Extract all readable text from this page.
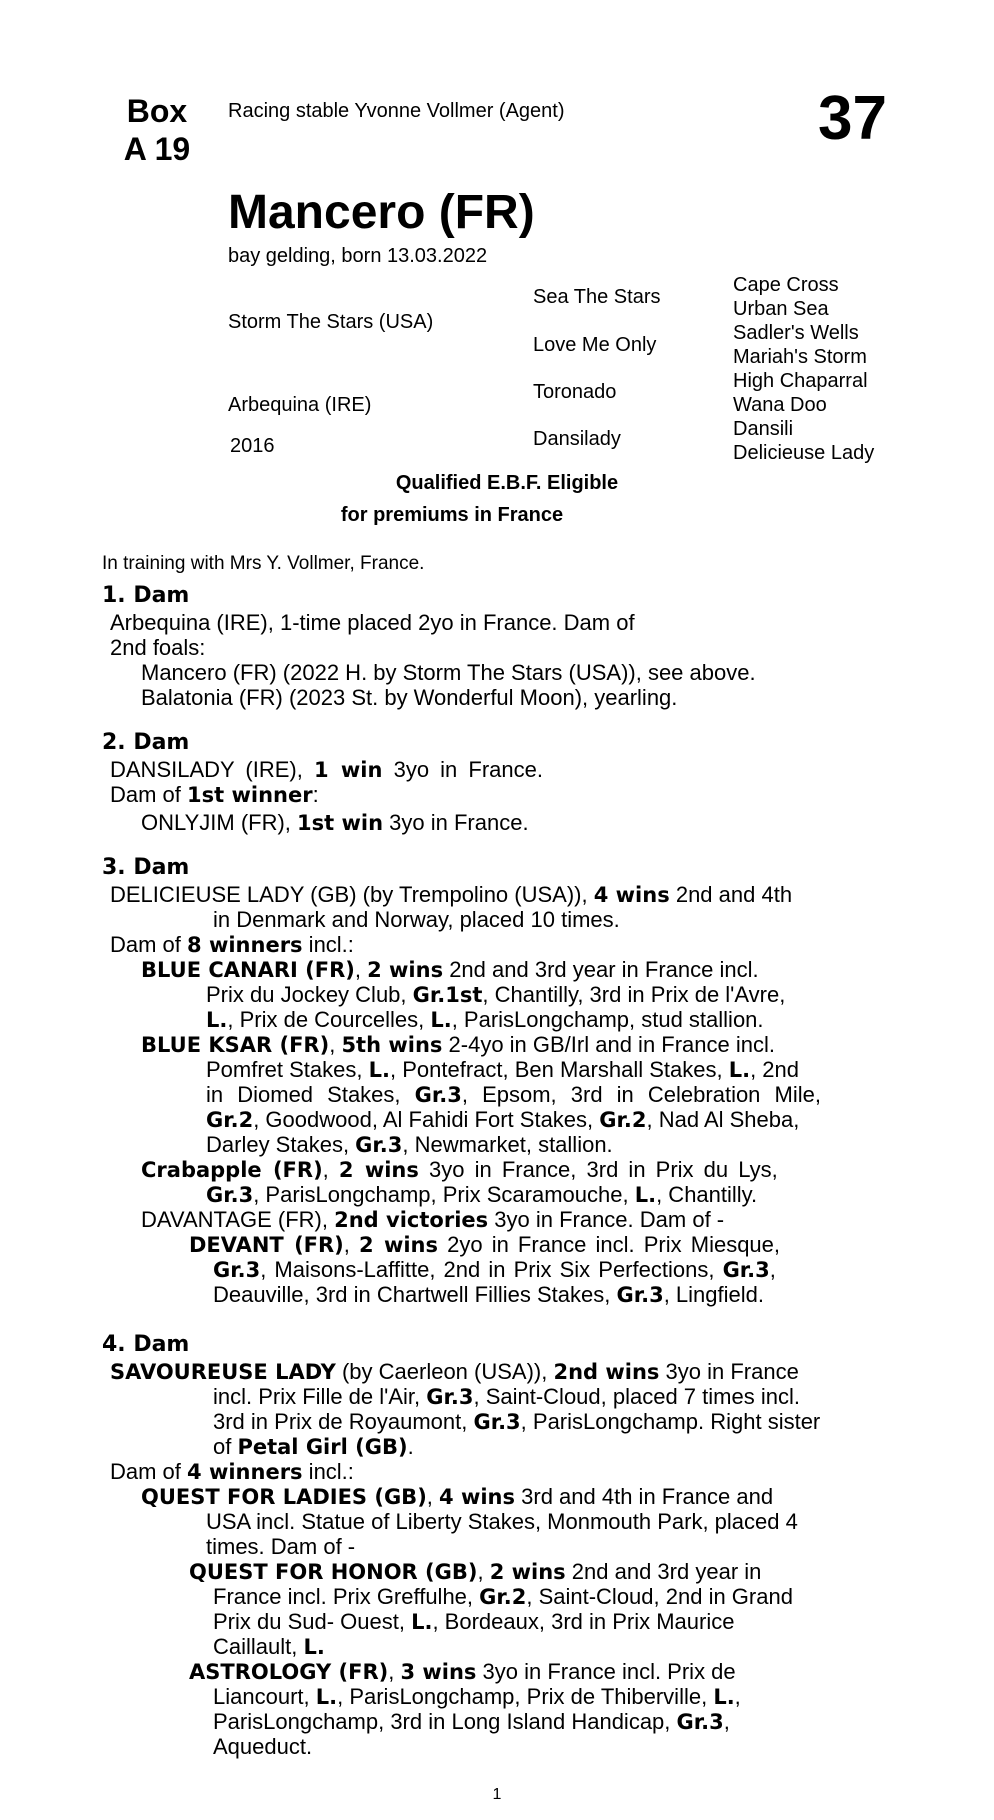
Box
A 19
Racing stable Yvonne Vollmer (Agent)	37
Mancero (FR)
bay gelding, born 13.03.2022
Storm The Stars (USA)
Arbequina (IRE)
2016
Sea The Stars
Love Me Only
Toronado
Dansilady
Cape Cross
Urban Sea
Sadler's Wells
Mariah's Storm
High Chaparral
Wana Doo
Dansili
Delicieuse Lady
Qualified E.B.F. Eligible
for premiums in France
In training with Mrs Y. Vollmer, France.
1. Dam
Arbequina (IRE), 1-time placed 2yo in France. Dam of
2nd foals:
Mancero (FR) (2022 H. by Storm The Stars (USA)), see above.
Balatonia (FR) (2023 St. by Wonderful Moon), yearling.
2. Dam
DANSILADY (IRE), 1 win 3yo in France.
Dam of 1st winner:
ONLYJIM (FR), 1st win 3yo in France.
3. Dam
DELICIEUSE LADY (GB) (by Trempolino (USA)), 4 wins 2nd and 4th
in Denmark and Norway, placed 10 times.
Dam of 8 winners incl.:
BLUE CANARI (FR), 2 wins 2nd and 3rd year in France incl.
Prix du Jockey Club, Gr.1st, Chantilly, 3rd in Prix de l'Avre,
L., Prix de Courcelles, L., ParisLongchamp, stud stallion.
BLUE KSAR (FR), 5th wins 2-4yo in GB/Irl and in France incl.
Pomfret Stakes, L., Pontefract, Ben Marshall Stakes, L., 2nd
in Diomed Stakes, Gr.3, Epsom, 3rd in Celebration Mile,
Gr.2, Goodwood, Al Fahidi Fort Stakes, Gr.2, Nad Al Sheba,
Darley Stakes, Gr.3, Newmarket, stallion.
Crabapple (FR), 2 wins 3yo in France, 3rd in Prix du Lys,
Gr.3, ParisLongchamp, Prix Scaramouche, L., Chantilly.
DAVANTAGE (FR), 2nd victories 3yo in France. Dam of -
DEVANT (FR), 2 wins 2yo in France incl. Prix Miesque,
Gr.3, Maisons-Laffitte, 2nd in Prix Six Perfections, Gr.3,
Deauville, 3rd in Chartwell Fillies Stakes, Gr.3, Lingfield.
4. Dam
SAVOUREUSE LADY (by Caerleon (USA)), 2nd wins 3yo in France
incl. Prix Fille de l'Air, Gr.3, Saint-Cloud, placed 7 times incl.
3rd in Prix de Royaumont, Gr.3, ParisLongchamp. Right sister
of Petal Girl (GB).
Dam of 4 winners incl.:
QUEST FOR LADIES (GB), 4 wins 3rd and 4th in France and
USA incl. Statue of Liberty Stakes, Monmouth Park, placed 4
times. Dam of -
QUEST FOR HONOR (GB), 2 wins 2nd and 3rd year in
France incl. Prix Greffulhe, Gr.2, Saint-Cloud, 2nd in Grand
Prix du Sud- Ouest, L., Bordeaux, 3rd in Prix Maurice
Caillault, L.
ASTROLOGY (FR), 3 wins 3yo in France incl. Prix de
Liancourt, L., ParisLongchamp, Prix de Thiberville, L.,
ParisLongchamp, 3rd in Long Island Handicap, Gr.3,
Aqueduct.
1
